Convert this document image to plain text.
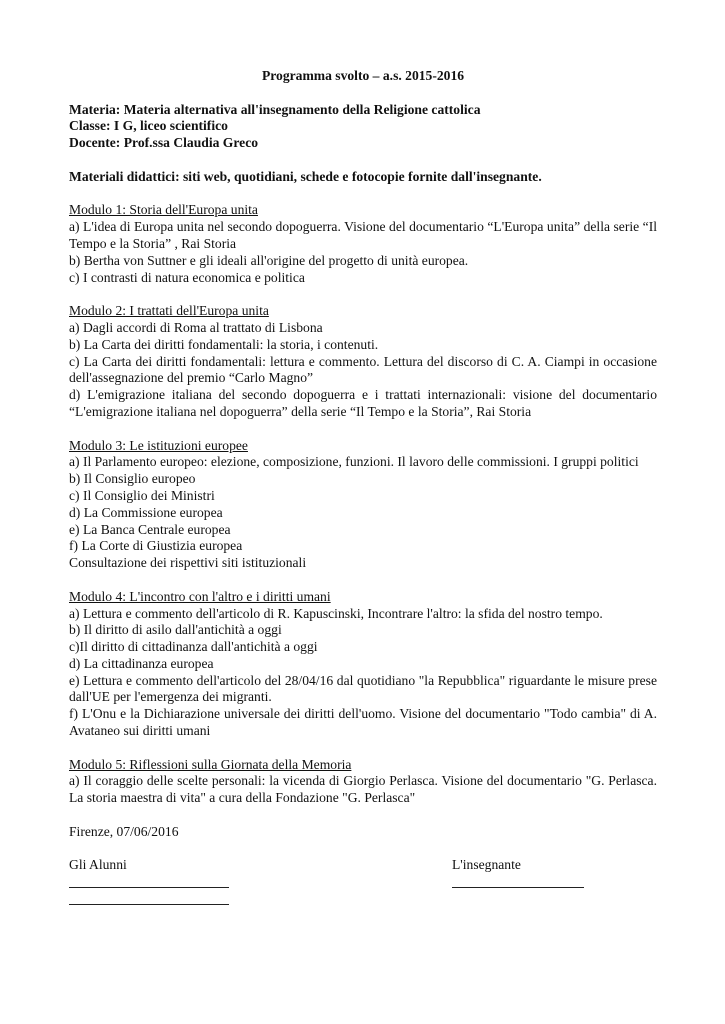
Programma svolto – a.s. 2015-2016
Materia: Materia alternativa all'insegnamento della Religione cattolica
Classe: I G, liceo scientifico
Docente: Prof.ssa Claudia Greco
Materiali didattici: siti web, quotidiani, schede e fotocopie fornite dall'insegnante.
Modulo 1: Storia dell'Europa unita
a) L'idea di Europa unita nel secondo dopoguerra. Visione del documentario “L'Europa unita” della serie “Il Tempo e la Storia” , Rai Storia
b) Bertha von Suttner e gli ideali all'origine del progetto di unità europea.
c) I contrasti di natura economica e politica
Modulo 2: I trattati dell'Europa unita
a) Dagli accordi di Roma al trattato di Lisbona
b) La Carta dei diritti fondamentali: la storia, i contenuti.
c) La Carta dei diritti fondamentali: lettura e commento. Lettura del discorso di C. A. Ciampi in occasione dell'assegnazione del premio “Carlo Magno”
d) L'emigrazione italiana del secondo dopoguerra e i trattati internazionali: visione del documentario “L'emigrazione italiana nel dopoguerra” della serie “Il Tempo e la Storia”, Rai Storia
Modulo 3: Le istituzioni europee
a) Il Parlamento europeo: elezione, composizione, funzioni. Il lavoro delle commissioni. I gruppi politici
b) Il Consiglio europeo
c) Il Consiglio dei Ministri
d) La Commissione europea
e) La Banca Centrale europea
f) La Corte di Giustizia europea
Consultazione dei rispettivi siti istituzionali
Modulo 4: L'incontro con l'altro e i diritti umani
a) Lettura e commento dell'articolo di R. Kapuscinski, Incontrare l'altro: la sfida del nostro tempo.
b) Il diritto di asilo dall'antichità a oggi
c)Il diritto di cittadinanza dall'antichità a oggi
d) La cittadinanza europea
e) Lettura e commento dell'articolo del 28/04/16 dal quotidiano "la Repubblica" riguardante le misure prese dall'UE per l'emergenza dei migranti.
f) L'Onu e la Dichiarazione universale dei diritti dell'uomo. Visione del documentario "Todo cambia" di A. Avataneo sui diritti umani
Modulo 5: Riflessioni sulla Giornata della Memoria
a) Il coraggio delle scelte personali: la vicenda di Giorgio Perlasca. Visione del documentario "G. Perlasca. La storia maestra di vita" a cura della Fondazione "G. Perlasca"
Firenze, 07/06/2016
Gli Alunni	L'insegnante
